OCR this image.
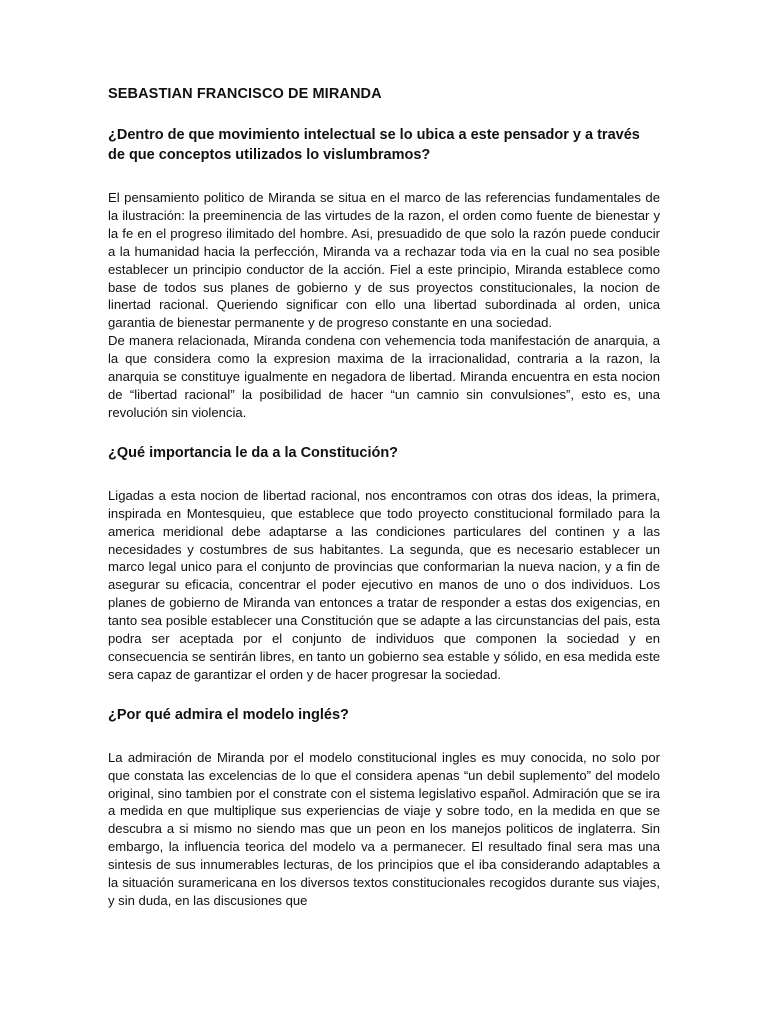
SEBASTIAN FRANCISCO DE MIRANDA
¿Dentro de que movimiento intelectual se lo ubica a este pensador y a través de que conceptos utilizados lo vislumbramos?

El pensamiento politico de Miranda se situa en el marco de las referencias fundamentales de la ilustración: la preeminencia de las virtudes de la razon, el orden como fuente de bienestar y la fe en el progreso ilimitado del hombre. Asi, presuadido de que solo la razón puede conducir a la humanidad hacia la perfección, Miranda va a rechazar toda via en la cual no sea posible establecer un principio conductor de la acción. Fiel a este principio, Miranda establece como base de todos sus planes de gobierno y de sus proyectos constitucionales, la nocion de linertad racional. Queriendo significar con ello una libertad subordinada al orden, unica garantia de bienestar permanente y de progreso constante en una sociedad.

De manera relacionada, Miranda condena con vehemencia toda manifestación de anarquia, a la que considera como la expresion maxima de la irracionalidad, contraria a la razon, la anarquia se constituye igualmente en negadora de libertad. Miranda encuentra en esta nocion de “libertad racional” la posibilidad de hacer “un camnio sin convulsiones”, esto es, una revolución sin violencia.

¿Qué importancia le da a la Constitución?

Ligadas a esta nocion de libertad racional, nos encontramos con otras dos ideas, la primera, inspirada en Montesquieu, que establece que todo proyecto constitucional formilado para la america meridional debe adaptarse a las condiciones particulares del continen y a las necesidades y costumbres de sus habitantes. La segunda, que es necesario establecer un marco legal unico para el conjunto de provincias que conformarian la nueva nacion, y a fin de asegurar su eficacia, concentrar el poder ejecutivo en manos de uno o dos individuos. Los planes de gobierno de Miranda van entonces a tratar de responder a estas dos exigencias, en tanto sea posible establecer una Constitución que se adapte a las circunstancias del pais, esta podra ser aceptada por el conjunto de individuos que componen la sociedad y en consecuencia se sentirán libres, en tanto un gobierno sea estable y sólido, en esa medida este sera capaz de garantizar el orden y de hacer progresar la sociedad.

¿Por qué admira el modelo inglés?

La admiración de Miranda por el modelo constitucional ingles es muy conocida, no solo por que constata las excelencias de lo que el considera apenas “un debil suplemento” del modelo original, sino tambien por el constrate con el sistema legislativo español. Admiración que se ira a medida en que multiplique sus experiencias de viaje y sobre todo, en la medida en que se descubra a si mismo no siendo mas que un peon en los manejos politicos de inglaterra. Sin embargo, la influencia teorica del modelo va a permanecer. El resultado final sera mas una sintesis de sus innumerables lecturas, de los principios que el iba considerando adaptables a la situación suramericana en los diversos textos constitucionales recogidos durante sus viajes, y sin duda, en las discusiones que
